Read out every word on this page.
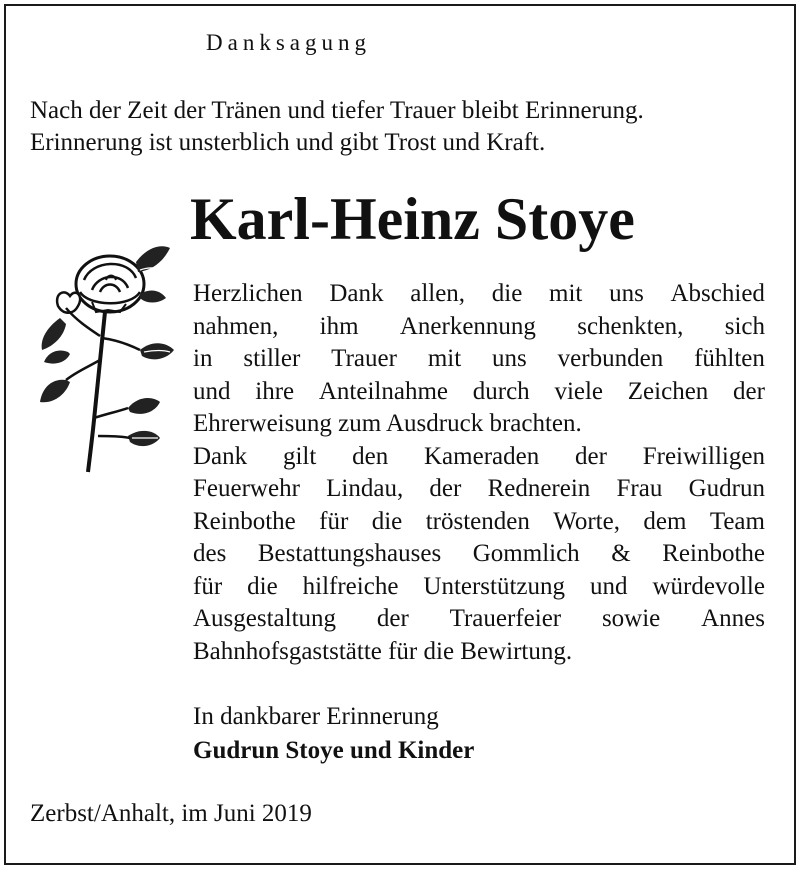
Danksagung
Nach der Zeit der Tränen und tiefer Trauer bleibt Erinnerung.
Erinnerung ist unsterblich und gibt Trost und Kraft.
Karl-Heinz Stoye
Herzlichen Dank allen, die mit uns Abschied
nahmen, ihm Anerkennung schenkten, sich
in stiller Trauer mit uns verbunden fühlten
und ihre Anteilnahme durch viele Zeichen der
Ehrerweisung zum Ausdruck brachten.
Dank gilt den Kameraden der Freiwilligen
Feuerwehr Lindau, der Rednerein Frau Gudrun
Reinbothe für die tröstenden Worte, dem Team
des Bestattungshauses Gommlich & Reinbothe
für die hilfreiche Unterstützung und würdevolle
Ausgestaltung der Trauerfeier sowie Annes
Bahnhofsgaststätte für die Bewirtung.
In dankbarer Erinnerung
Gudrun Stoye und Kinder
Zerbst/Anhalt, im Juni 2019
